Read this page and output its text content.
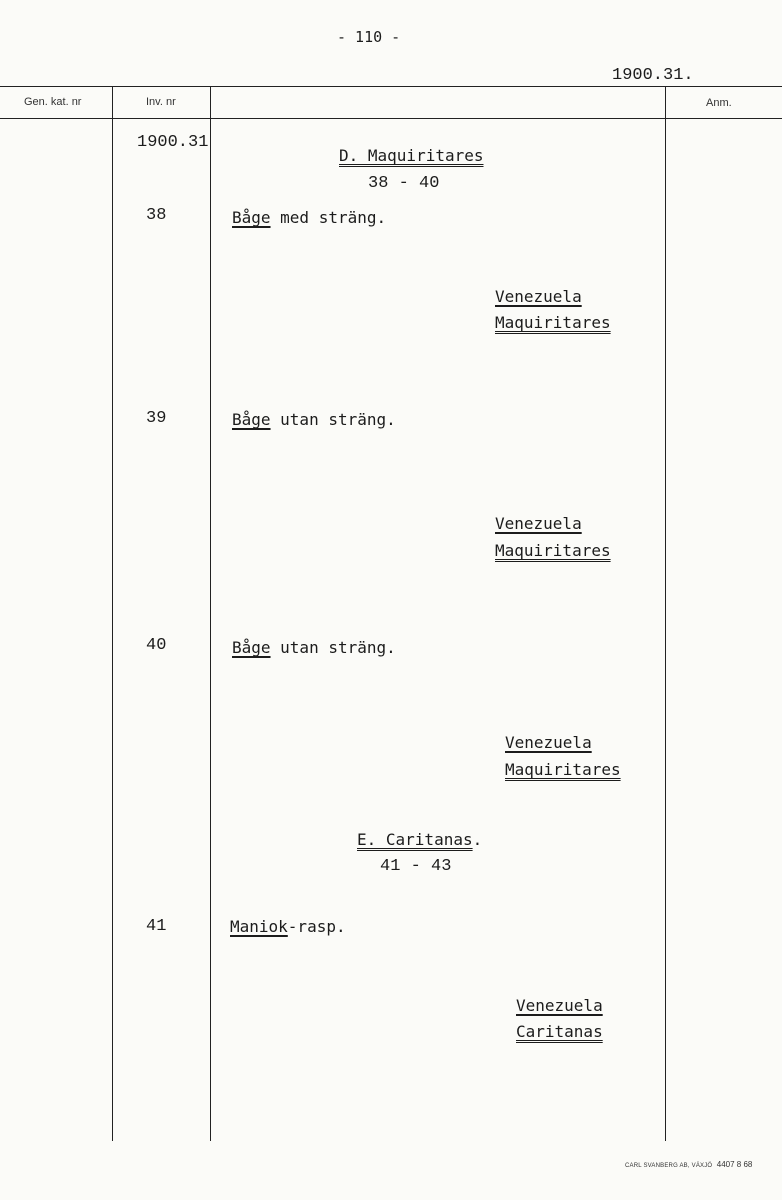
- 110 -
1900.31.
Gen. kat. nr	Inv. nr	Anm.
1900.31
D. Maquiritares
38 - 40
38	Båge med sträng.
Venezuela
Maquiritares
39	Båge utan sträng.
Venezuela
Maquiritares
40	Båge utan sträng.
Venezuela
Maquiritares
E. Caritanas.
41 - 43
41	Maniok-rasp.
Venezuela
Caritanas
CARL SVANBERG AB, VÄXJÖ 4407 8 68
